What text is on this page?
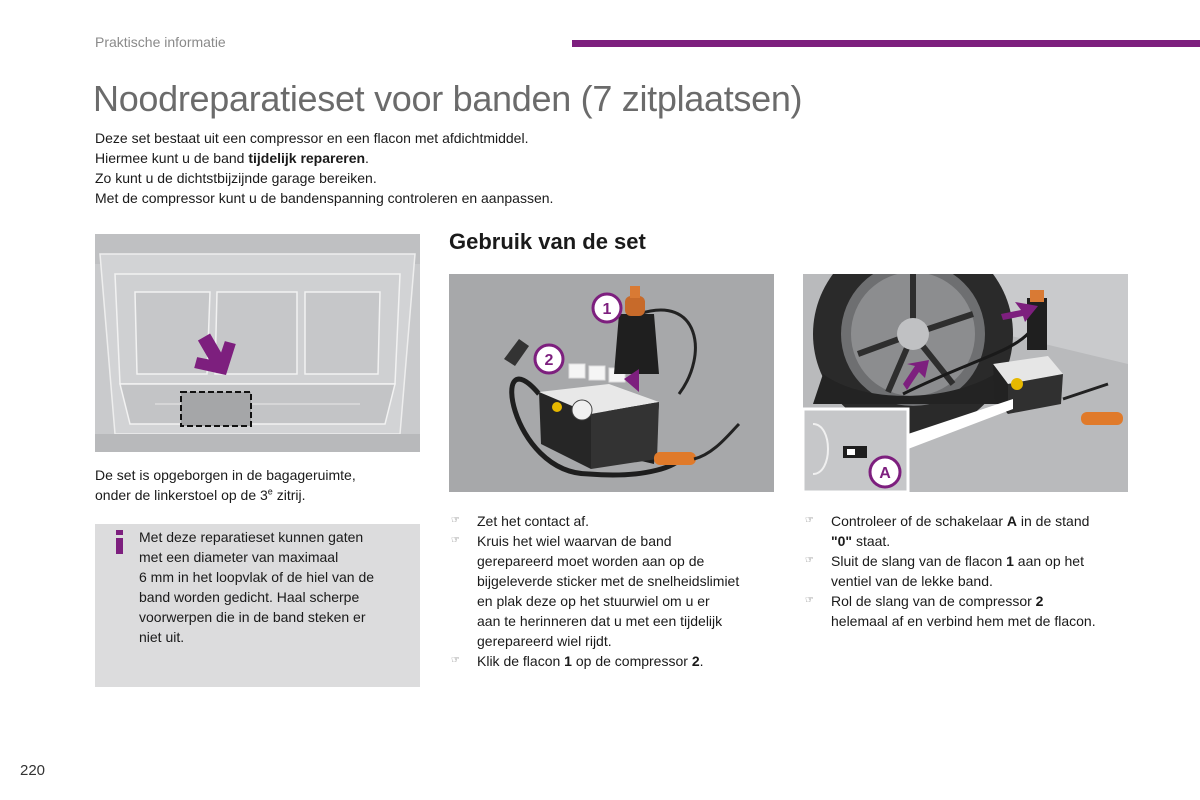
Praktische informatie
Noodreparatieset voor banden (7 zitplaatsen)

Deze set bestaat uit een compressor en een flacon met afdichtmiddel.

Hiermee kunt u de band tijdelijk repareren.

Zo kunt u de dichtstbijzijnde garage bereiken.

Met de compressor kunt u de bandenspanning controleren en aanpassen.

De set is opgeborgen in de bagageruimte,

onder de linkerstoel op de 3e zitrij.

Met deze reparatieset kunnen gaten

met een diameter van maximaal

6 mm in het loopvlak of de hiel van de

band worden gedicht. Haal scherpe

voorwerpen die in de band steken er

niet uit.

Gebruik van de set
1
2
A
☞ Zet het contact af.
☞ Kruis het wiel waarvan de band
gerepareerd moet worden aan op de
bijgeleverde sticker met de snelheidslimiet
en plak deze op het stuurwiel om u er
aan te herinneren dat u met een tijdelijk
gerepareerd wiel rijdt.
☞ Klik de flacon 1 op de compressor 2.
☞ Controleer of de schakelaar A in de stand
"0" staat.
☞ Sluit de slang van de flacon 1 aan op het
ventiel van de lekke band.
☞ Rol de slang van de compressor 2
helemaal af en verbind hem met de flacon.
220
